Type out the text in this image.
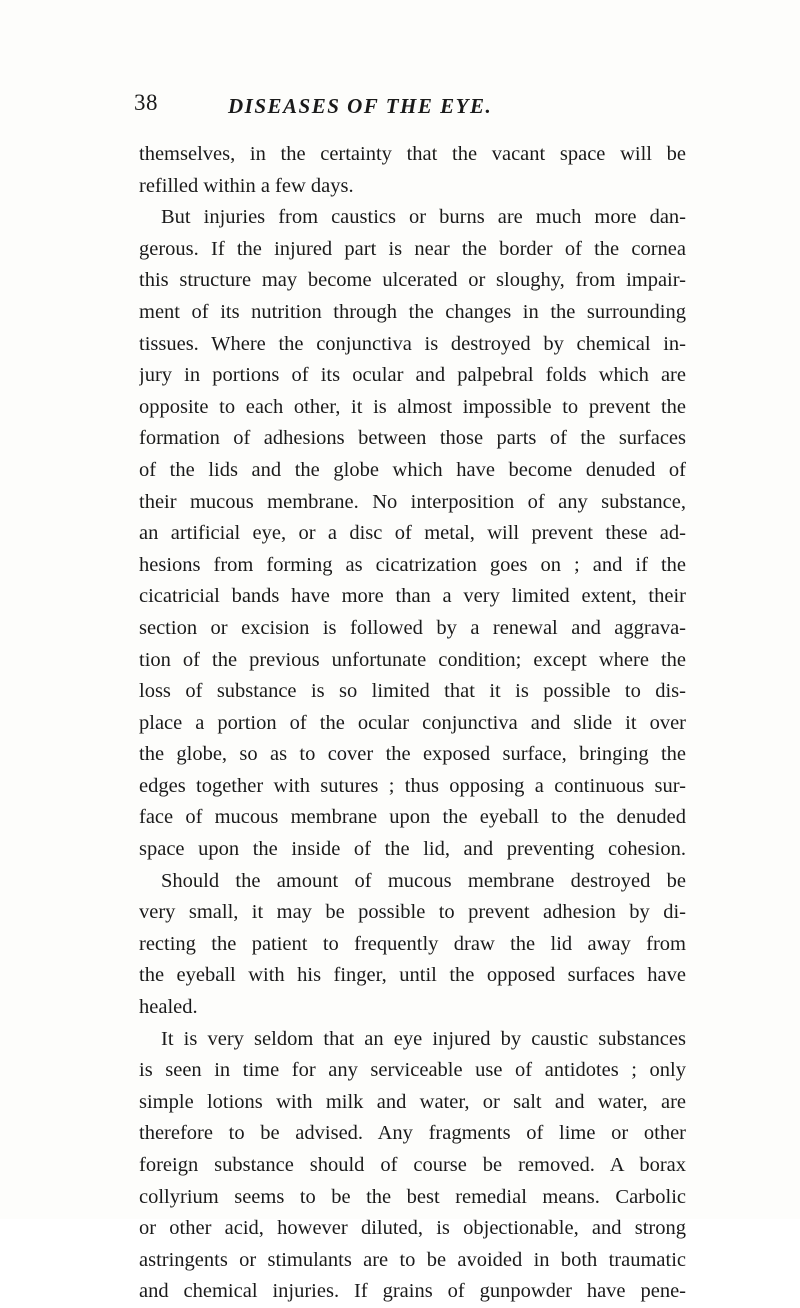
38	DISEASES OF THE EYE.
themselves, in the certainty that the vacant space will be
refilled within a few days.
But injuries from caustics or burns are much more dan-
gerous. If the injured part is near the border of the cornea
this structure may become ulcerated or sloughy, from impair-
ment of its nutrition through the changes in the surrounding
tissues. Where the conjunctiva is destroyed by chemical in-
jury in portions of its ocular and palpebral folds which are
opposite to each other, it is almost impossible to prevent the
formation of adhesions between those parts of the surfaces
of the lids and the globe which have become denuded of
their mucous membrane. No interposition of any substance,
an artificial eye, or a disc of metal, will prevent these ad-
hesions from forming as cicatrization goes on ; and if the
cicatricial bands have more than a very limited extent, their
section or excision is followed by a renewal and aggrava-
tion of the previous unfortunate condition; except where the
loss of substance is so limited that it is possible to dis-
place a portion of the ocular conjunctiva and slide it over
the globe, so as to cover the exposed surface, bringing the
edges together with sutures ; thus opposing a continuous sur-
face of mucous membrane upon the eyeball to the denuded
space upon the inside of the lid, and preventing cohesion.
Should the amount of mucous membrane destroyed be
very small, it may be possible to prevent adhesion by di-
recting the patient to frequently draw the lid away from
the eyeball with his finger, until the opposed surfaces have
healed.
It is very seldom that an eye injured by caustic substances
is seen in time for any serviceable use of antidotes ; only
simple lotions with milk and water, or salt and water, are
therefore to be advised. Any fragments of lime or other
foreign substance should of course be removed. A borax
collyrium seems to be the best remedial means. Carbolic
or other acid, however diluted, is objectionable, and strong
astringents or stimulants are to be avoided in both traumatic
and chemical injuries. If grains of gunpowder have pene-
